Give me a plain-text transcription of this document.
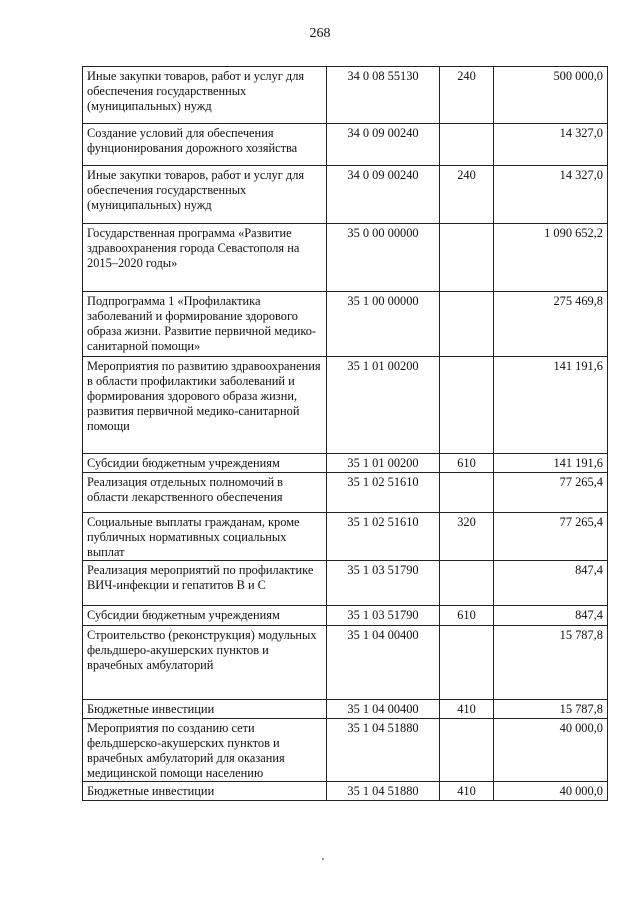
268
Иные закупки товаров, работ и услуг для обеспечения государственных (муниципальных) нужд	34 0 08 55130	240	500 000,0
Создание условий для обеспечения фунционирования дорожного хозяйства	34 0 09 00240		14 327,0
Иные закупки товаров, работ и услуг для обеспечения государственных (муниципальных) нужд	34 0 09 00240	240	14 327,0
Государственная программа «Развитие здравоохранения города Севастополя на 2015–2020 годы»	35 0 00 00000		1 090 652,2
Подпрограмма 1 «Профилактика заболеваний и формирование здорового образа жизни. Развитие первичной медико-санитарной помощи»	35 1 00 00000		275 469,8
Мероприятия по развитию здравоохранения в области профилактики заболеваний и формирования здорового образа жизни, развития первичной медико-санитарной помощи	35 1 01 00200		141 191,6
Субсидии бюджетным учреждениям	35 1 01 00200	610	141 191,6
Реализация отдельных полномочий в области лекарственного обеспечения	35 1 02 51610		77 265,4
Социальные выплаты гражданам, кроме публичных нормативных социальных выплат	35 1 02 51610	320	77 265,4
Реализация мероприятий по профилактике ВИЧ-инфекции и гепатитов В и С	35 1 03 51790		847,4
Субсидии бюджетным учреждениям	35 1 03 51790	610	847,4
Строительство (реконструкция) модульных фельдшеро-акушерских пунктов и врачебных амбулаторий	35 1 04 00400		15 787,8
Бюджетные инвестиции	35 1 04 00400	410	15 787,8
Мероприятия по созданию сети фельдшерско-акушерских пунктов и врачебных амбулаторий для оказания медицинской помощи населению	35 1 04 51880		40 000,0
Бюджетные инвестиции	35 1 04 51880	410	40 000,0
